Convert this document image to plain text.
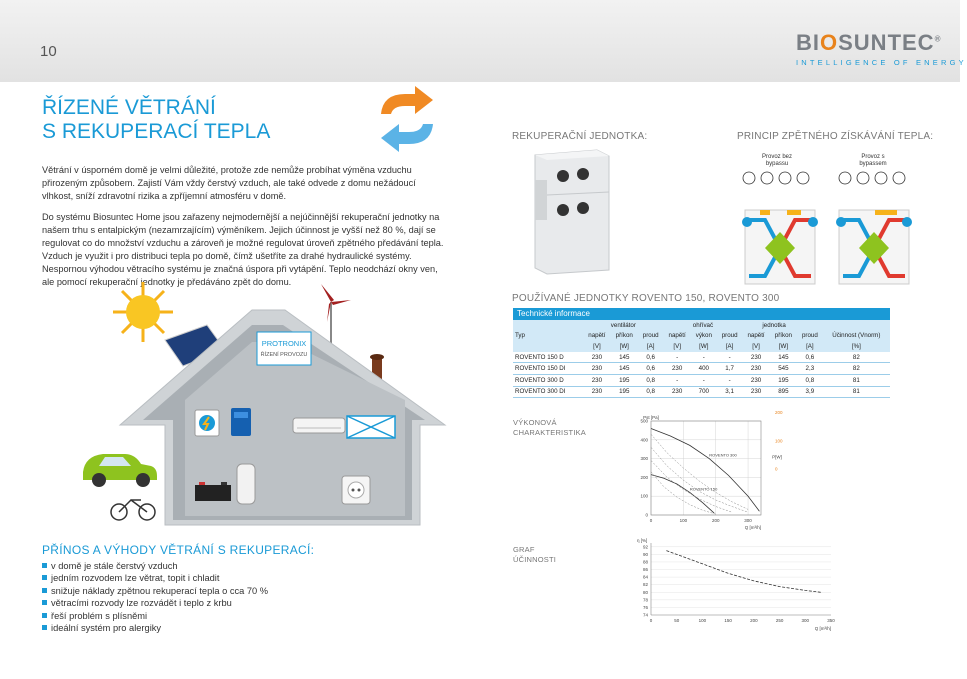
10	BIOSUNTEC®
INTELLIGENCE OF ENERGY
ŘÍZENÉ VĚTRÁNÍ
S REKUPERACÍ TEPLA

Větrání v úsporném domě je velmi důležité, protože zde nemůže probíhat výměna vzduchu přirozeným způsobem. Zajistí Vám vždy čerstvý vzduch, ale také odvede z domu nežádoucí vlhkost, sníží zdravotní rizika a zpříjemní atmosféru v domě.

Do systému Biosuntec Home jsou zařazeny nejmodernější a nejúčinnější rekuperační jednotky na našem trhu s entalpickým (nezamrzajícím) výměníkem. Jejich účinnost je vyšší než 80 %, dají se regulovat co do množství vzduchu a zároveň je možné regulovat úroveň zpětného předávání tepla. Vzduch je využit i pro distribuci tepla po domě, čímž ušetříte za drahé hydraulické systémy. Nespornou výhodou větracího systému je značná úspora při vytápění. Teplo neodchází okny ven, ale pomocí rekuperační jednotky je předáváno zpět do domu.

PROTRONIX
ŘÍZENÍ PROVOZU
REKUPERAČNÍ JEDNOTKA:	PRINCIP ZPĚTNÉHO ZÍSKÁVÁNÍ TEPLA:
Provoz bez
bypassu
Provoz s
bypassem
POUŽÍVANÉ JEDNOTKY ROVENTO 150, ROVENTO 300
Technické informace
Typ	ventilátor			ohřívač			jednotka			
	napětí	příkon	proud	napětí	výkon	proud	napětí	příkon	proud	Účinnost (Vnorm)
	[V]	[W]	[A]	[V]	[W]	[A]	[V]	[W]	[A]	[%]
ROVENTO 150 D	230	145	0,6	-	-	-	230	145	0,6	82
ROVENTO 150 DI	230	145	0,6	230	400	1,7	230	545	2,3	82
ROVENTO 300 D	230	195	0,8	-	-	-	230	195	0,8	81
ROVENTO 300 DI	230	195	0,8	230	700	3,1	230	895	3,9	81
VÝKONOVÁ
CHARAKTERISTIKA
0
100
200
300
400
500
0	100	200	300
Pst [Pa]
Q [m³/h]
P[W]
0
100
200
ROVENTO 300
ROVENTO 150
GRAF
ÚČINNOSTI
74
76
78
80
82
84
86
88
90
92
0	50	100	150	200	250	300	350
η [%]
Q [m³/h]
PŘÍNOS A VÝHODY VĚTRÁNÍ S REKUPERACÍ:
v domě je stále čerstvý vzduch
jedním rozvodem lze větrat, topit i chladit
snižuje náklady zpětnou rekuperací tepla o cca 70 %
větracími rozvody lze rozvádět i teplo z krbu
řeší problém s plísněmi
ideální systém pro alergiky
